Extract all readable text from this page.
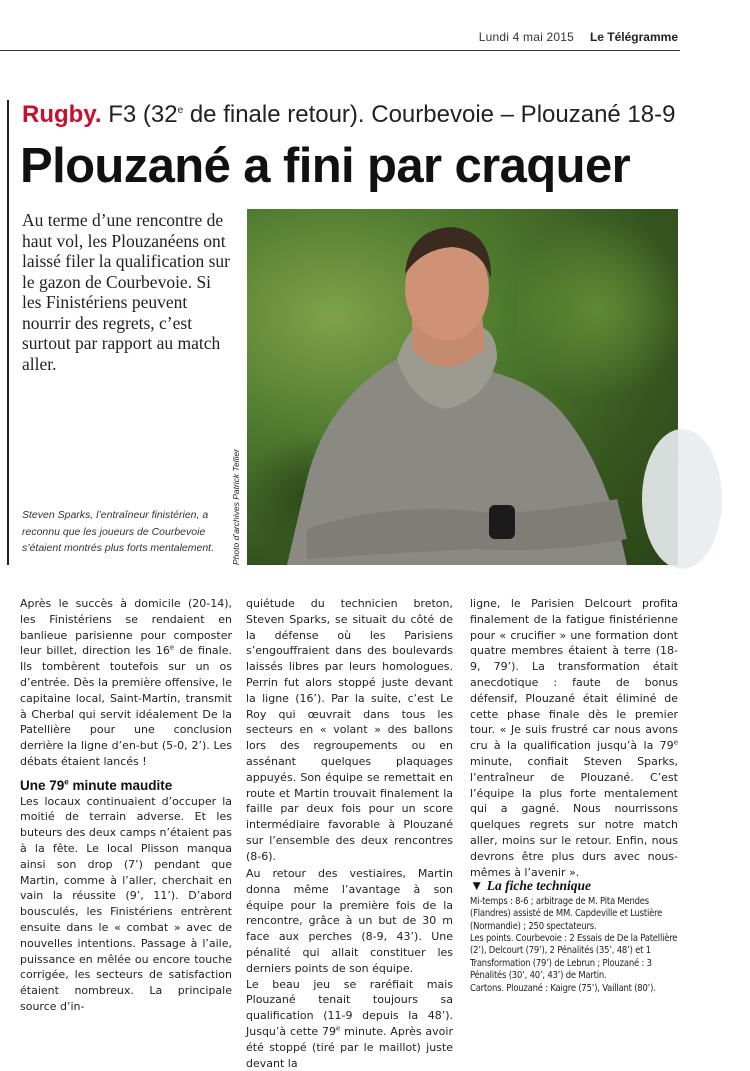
Lundi 4 mai 2015 Le Télégramme
Rugby. F3 (32e de finale retour). Courbevoie – Plouzané 18-9
Plouzané a fini par craquer
Au terme d’une rencontre de haut vol, les Plouzanéens ont laissé filer la qualification sur le gazon de Courbevoie. Si les Finistériens peuvent nourrir des regrets, c’est surtout par rapport au match aller.
Steven Sparks, l’entraîneur finistérien, a reconnu que les joueurs de Courbevoie s’étaient montrés plus forts mentalement.	Photo d’archives Patrick Tellier

Après le succès à domicile (20-14), les Finistériens se rendaient en banlieue parisienne pour composter leur billet, direction les 16e de finale. Ils tombèrent toutefois sur un os d’entrée. Dès la première offensive, le capitaine local, Saint-Martin, transmit à Cherbal qui servit idéalement De la Patellière pour une conclusion derrière la ligne d’en-but (5-0, 2’). Les débats étaient lancés !

Une 79e minute maudite

Les locaux continuaient d’occuper la moitié de terrain adverse. Et les buteurs des deux camps n’étaient pas à la fête. Le local Plisson manqua ainsi son drop (7’) pendant que Martin, comme à l’aller, cherchait en vain la réussite (9’, 11’). D’abord bousculés, les Finistériens entrèrent ensuite dans le « combat » avec de nouvelles intentions. Passage à l’aile, puissance en mêlée ou encore touche corrigée, les secteurs de satisfaction étaient nombreux. La principale source d’in-

quiétude du technicien breton, Steven Sparks, se situait du côté de la défense où les Parisiens s’engouffraient dans des boulevards laissés libres par leurs homologues. Perrin fut alors stoppé juste devant la ligne (16’). Par la suite, c’est Le Roy qui œuvrait dans tous les secteurs en « volant » des ballons lors des regroupements ou en assénant quelques plaquages appuyés. Son équipe se remettait en route et Martin trouvait finalement la faille par deux fois pour un score intermédiaire favorable à Plouzané sur l’ensemble des deux rencontres (8-6).

Au retour des vestiaires, Martin donna même l’avantage à son équipe pour la première fois de la rencontre, grâce à un but de 30 m face aux perches (8-9, 43’). Une pénalité qui allait constituer les derniers points de son équipe.

Le beau jeu se raréfiait mais Plouzané tenait toujours sa qualification (11-9 depuis la 48’). Jusqu’à cette 79e minute. Après avoir été stoppé (tiré par le maillot) juste devant la

ligne, le Parisien Delcourt profita finalement de la fatigue finistérienne pour « crucifier » une formation dont quatre membres étaient à terre (18-9, 79’). La transformation était anecdotique : faute de bonus défensif, Plouzané était éliminé de cette phase finale dès le premier tour. « Je suis frustré car nous avons cru à la qualification jusqu’à la 79e minute, confiait Steven Sparks, l’entraîneur de Plouzané. C’est l’équipe la plus forte mentalement qui a gagné. Nous nourrissons quelques regrets sur notre match aller, moins sur le retour. Enfin, nous devrons être plus durs avec nous-mêmes à l’avenir ».

▼ La fiche technique

Mi-temps : 8-6 ; arbitrage de M. Pita Mendes (Flandres) assisté de MM. Capdeville et Lustière (Normandie) ; 250 spectateurs.

Les points. Courbevoie : 2 Essais de De la Patellière (2’), Delcourt (79’), 2 Pénalités (35’, 48’) et 1 Transformation (79’) de Lebrun ; Plouzané : 3 Pénalités (30’, 40’, 43’) de Martin.

Cartons. Plouzané : Kaigre (75’), Vaillant (80’).
